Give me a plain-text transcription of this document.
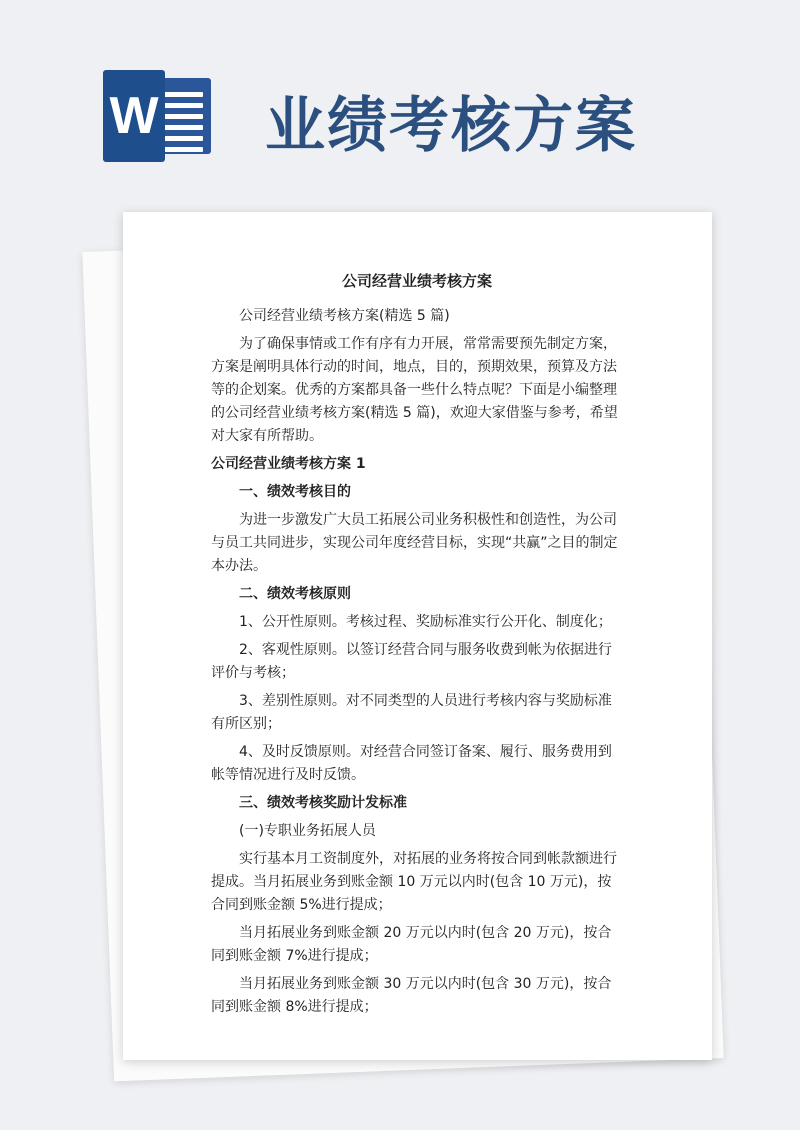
W 业绩考核方案
公司经营业绩考核方案
公司经营业绩考核方案(精选 5 篇)
为了确保事情或工作有序有力开展，常常需要预先制定方案，方案是阐明具体行动的时间，地点，目的，预期效果，预算及方法等的企划案。优秀的方案都具备一些什么特点呢？下面是小编整理的公司经营业绩考核方案(精选 5 篇)，欢迎大家借鉴与参考，希望对大家有所帮助。
公司经营业绩考核方案 1
一、绩效考核目的
为进一步激发广大员工拓展公司业务积极性和创造性，为公司与员工共同进步，实现公司年度经营目标，实现“共赢”之目的制定本办法。
二、绩效考核原则
1、公开性原则。考核过程、奖励标准实行公开化、制度化；
2、客观性原则。以签订经营合同与服务收费到帐为依据进行评价与考核；
3、差别性原则。对不同类型的人员进行考核内容与奖励标准有所区别；
4、及时反馈原则。对经营合同签订备案、履行、服务费用到帐等情况进行及时反馈。
三、绩效考核奖励计发标准
(一)专职业务拓展人员
实行基本月工资制度外，对拓展的业务将按合同到帐款额进行提成。当月拓展业务到账金额 10 万元以内时(包含 10 万元)，按合同到账金额 5%进行提成；
当月拓展业务到账金额 20 万元以内时(包含 20 万元)，按合同到账金额 7%进行提成；
当月拓展业务到账金额 30 万元以内时(包含 30 万元)，按合同到账金额 8%进行提成；
